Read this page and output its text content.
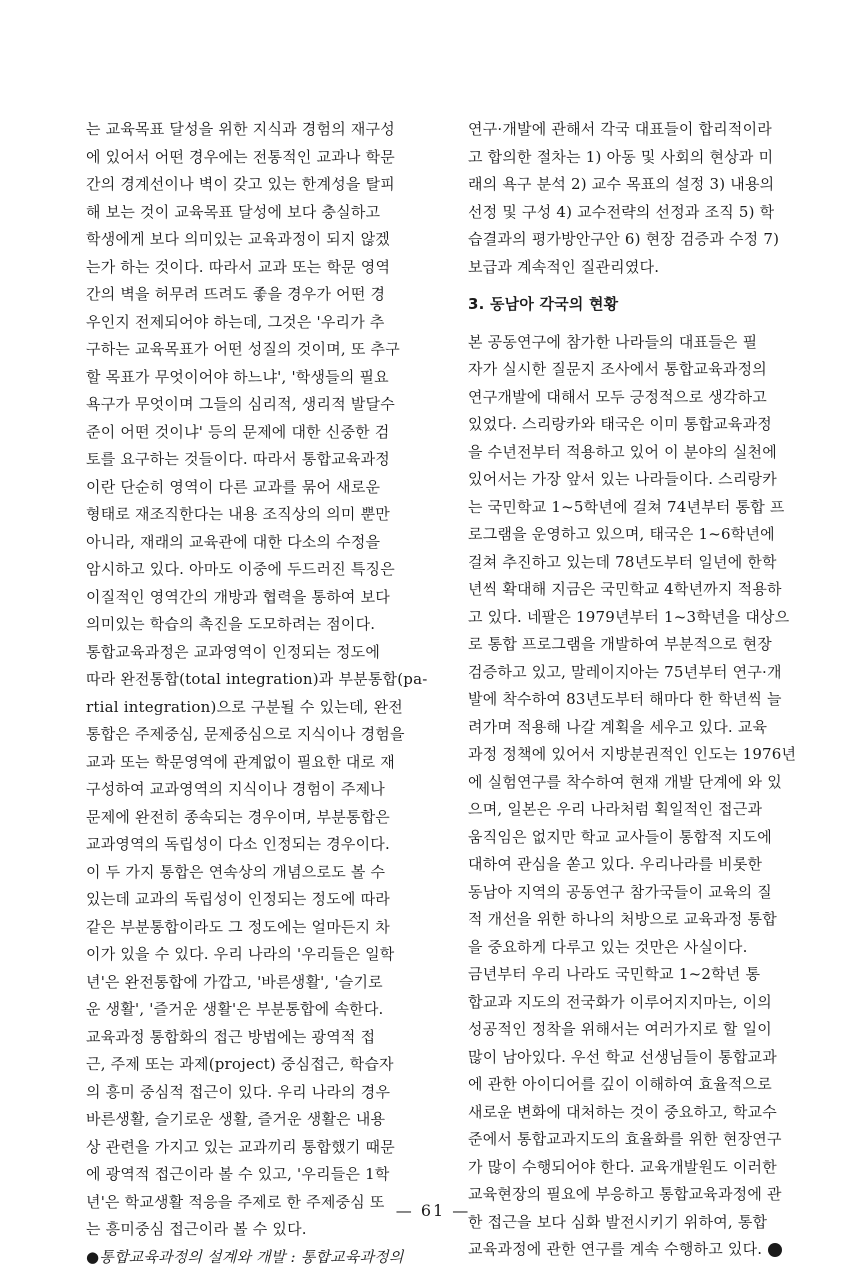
는 교육목표 달성을 위한 지식과 경험의 재구성
에 있어서 어떤 경우에는 전통적인 교과나 학문
간의 경계선이나 벽이 갖고 있는 한계성을 탈피
해 보는 것이 교육목표 달성에 보다 충실하고
학생에게 보다 의미있는 교육과정이 되지 않겠
는가 하는 것이다. 따라서 교과 또는 학문 영역
간의 벽을 허무려 뜨려도 좋을 경우가 어떤 경
우인지 전제되어야 하는데, 그것은 '우리가 추
구하는 교육목표가 어떤 성질의 것이며, 또 추구
할 목표가 무엇이어야 하느냐', '학생들의 필요
욕구가 무엇이며 그들의 심리적, 생리적 발달수
준이 어떤 것이냐' 등의 문제에 대한 신중한 검
토를 요구하는 것들이다. 따라서 통합교육과정
이란 단순히 영역이 다른 교과를 묶어 새로운
형태로 재조직한다는 내용 조직상의 의미 뿐만
아니라, 재래의 교육관에 대한 다소의 수정을
암시하고 있다. 아마도 이중에 두드러진 특징은
이질적인 영역간의 개방과 협력을 통하여 보다
의미있는 학습의 촉진을 도모하려는 점이다.
통합교육과정은 교과영역이 인정되는 정도에
따라 완전통합(total integration)과 부분통합(pa-
rtial integration)으로 구분될 수 있는데, 완전
통합은 주제중심, 문제중심으로 지식이나 경험을
교과 또는 학문영역에 관계없이 필요한 대로 재
구성하여 교과영역의 지식이나 경험이 주제나
문제에 완전히 종속되는 경우이며, 부분통합은
교과영역의 독립성이 다소 인정되는 경우이다.
이 두 가지 통합은 연속상의 개념으로도 볼 수
있는데 교과의 독립성이 인정되는 정도에 따라
같은 부분통합이라도 그 정도에는 얼마든지 차
이가 있을 수 있다. 우리 나라의 '우리들은 일학
년'은 완전통합에 가깝고, '바른생활', '슬기로
운 생활', '즐거운 생활'은 부분통합에 속한다.
교육과정 통합화의 접근 방법에는 광역적 접
근, 주제 또는 과제(project) 중심접근, 학습자
의 흥미 중심적 접근이 있다. 우리 나라의 경우
바른생활, 슬기로운 생활, 즐거운 생활은 내용
상 관련을 가지고 있는 교과끼리 통합했기 때문
에 광역적 접근이라 볼 수 있고, '우리들은 1학
년'은 학교생활 적응을 주제로 한 주제중심 또
는 흥미중심 접근이라 볼 수 있다.
●통합교육과정의 설계와 개발 : 통합교육과정의
연구·개발에 관해서 각국 대표들이 합리적이라
고 합의한 절차는 1) 아동 및 사회의 현상과 미
래의 욕구 분석 2) 교수 목표의 설정 3) 내용의
선정 및 구성 4) 교수전략의 선정과 조직 5) 학
습결과의 평가방안구안 6) 현장 검증과 수정 7)
보급과 계속적인 질관리였다.
3. 동남아 각국의 현황
본 공동연구에 참가한 나라들의 대표들은 필
자가 실시한 질문지 조사에서 통합교육과정의
연구개발에 대해서 모두 긍정적으로 생각하고
있었다. 스리랑카와 태국은 이미 통합교육과정
을 수년전부터 적용하고 있어 이 분야의 실천에
있어서는 가장 앞서 있는 나라들이다. 스리랑카
는 국민학교 1~5학년에 걸쳐 74년부터 통합 프
로그램을 운영하고 있으며, 태국은 1~6학년에
걸쳐 추진하고 있는데 78년도부터 일년에 한학
년씩 확대해 지금은 국민학교 4학년까지 적용하
고 있다. 네팔은 1979년부터 1~3학년을 대상으
로 통합 프로그램을 개발하여 부분적으로 현장
검증하고 있고, 말레이지아는 75년부터 연구·개
발에 착수하여 83년도부터 해마다 한 학년씩 늘
려가며 적용해 나갈 계획을 세우고 있다. 교육
과정 정책에 있어서 지방분권적인 인도는 1976년
에 실험연구를 착수하여 현재 개발 단계에 와 있
으며, 일본은 우리 나라처럼 획일적인 접근과
움직임은 없지만 학교 교사들이 통합적 지도에
대하여 관심을 쏟고 있다. 우리나라를 비롯한
동남아 지역의 공동연구 참가국들이 교육의 질
적 개선을 위한 하나의 처방으로 교육과정 통합
을 중요하게 다루고 있는 것만은 사실이다.
금년부터 우리 나라도 국민학교 1~2학년 통
합교과 지도의 전국화가 이루어지지마는, 이의
성공적인 정착을 위해서는 여러가지로 할 일이
많이 남아있다. 우선 학교 선생님들이 통합교과
에 관한 아이디어를 깊이 이해하여 효율적으로
새로운 변화에 대처하는 것이 중요하고, 학교수
준에서 통합교과지도의 효율화를 위한 현장연구
가 많이 수행되어야 한다. 교육개발원도 이러한
교육현장의 필요에 부응하고 통합교육과정에 관
한 접근을 보다 심화 발전시키기 위하여, 통합
교육과정에 관한 연구를 계속 수행하고 있다.
— 61 —
